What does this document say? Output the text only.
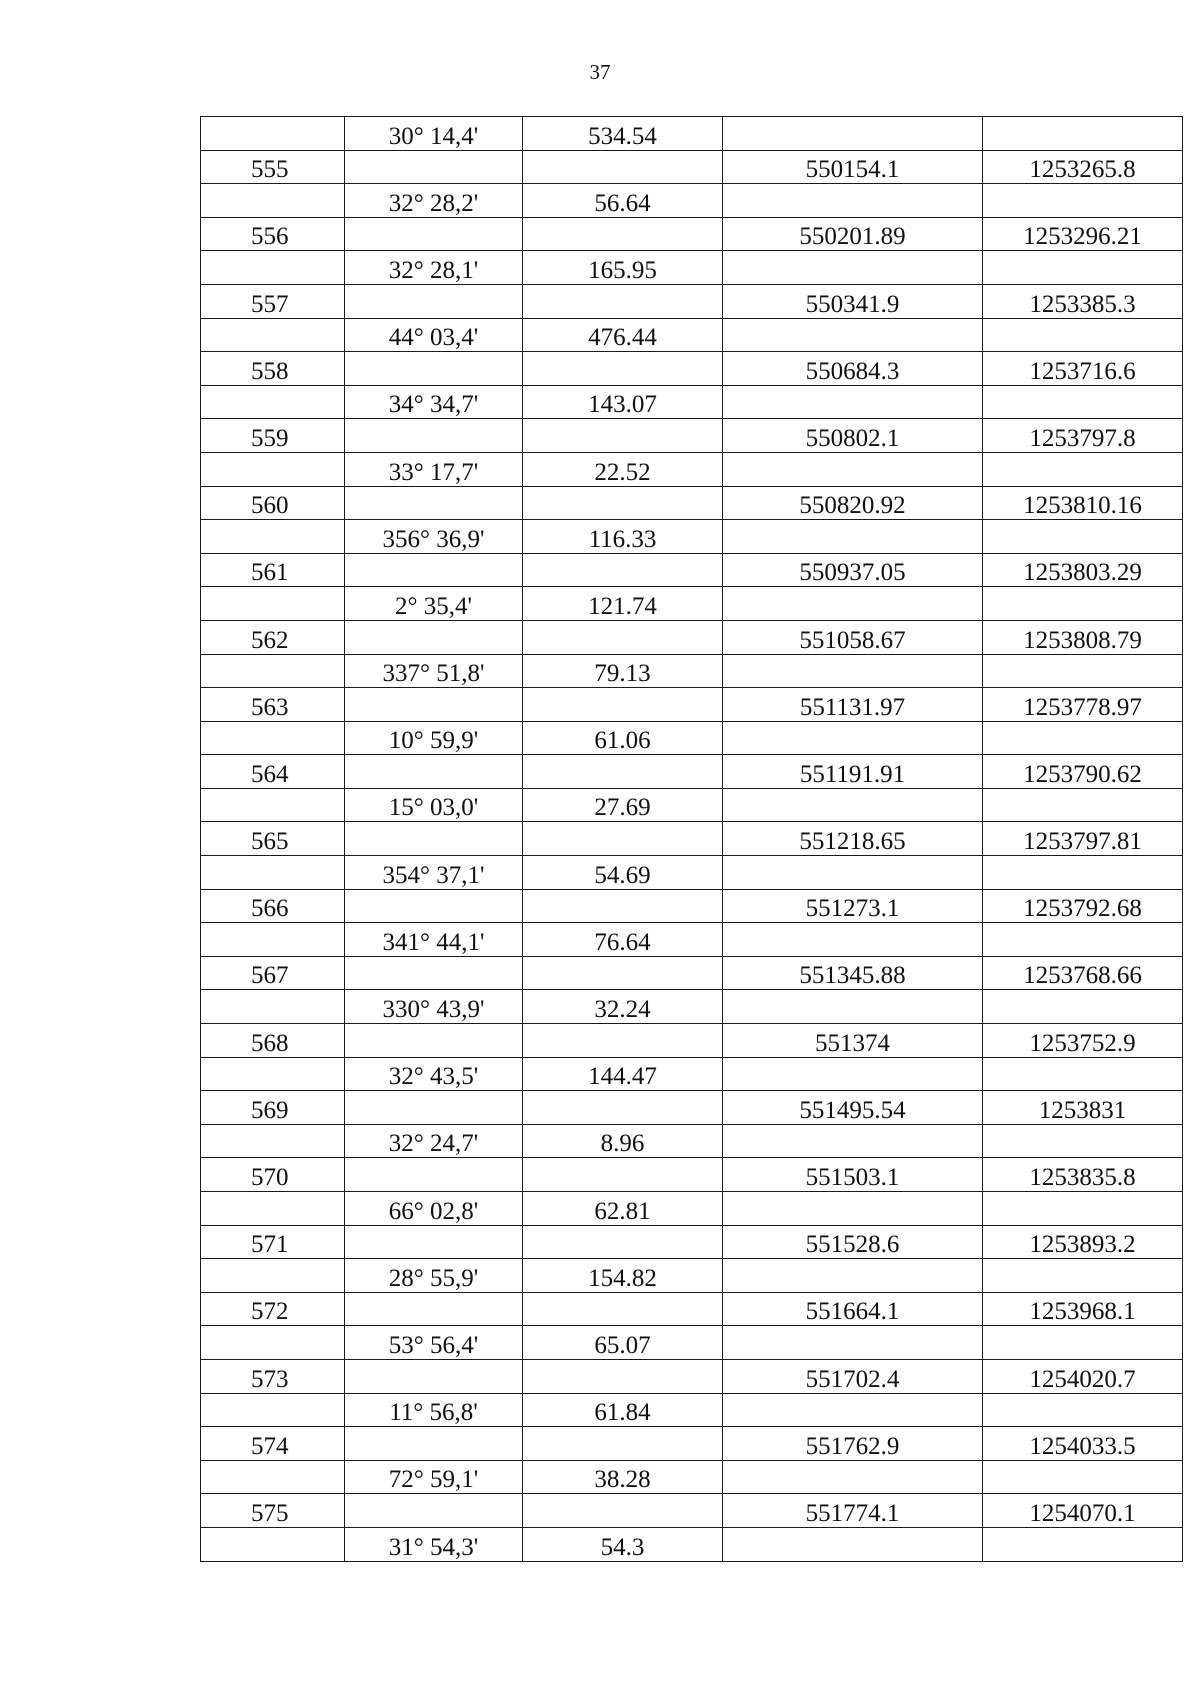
37
	30° 14,4'	534.54		
555			550154.1	1253265.8
	32° 28,2'	56.64		
556			550201.89	1253296.21
	32° 28,1'	165.95		
557			550341.9	1253385.3
	44° 03,4'	476.44		
558			550684.3	1253716.6
	34° 34,7'	143.07		
559			550802.1	1253797.8
	33° 17,7'	22.52		
560			550820.92	1253810.16
	356° 36,9'	116.33		
561			550937.05	1253803.29
	2° 35,4'	121.74		
562			551058.67	1253808.79
	337° 51,8'	79.13		
563			551131.97	1253778.97
	10° 59,9'	61.06		
564			551191.91	1253790.62
	15° 03,0'	27.69		
565			551218.65	1253797.81
	354° 37,1'	54.69		
566			551273.1	1253792.68
	341° 44,1'	76.64		
567			551345.88	1253768.66
	330° 43,9'	32.24		
568			551374	1253752.9
	32° 43,5'	144.47		
569			551495.54	1253831
	32° 24,7'	8.96		
570			551503.1	1253835.8
	66° 02,8'	62.81		
571			551528.6	1253893.2
	28° 55,9'	154.82		
572			551664.1	1253968.1
	53° 56,4'	65.07		
573			551702.4	1254020.7
	11° 56,8'	61.84		
574			551762.9	1254033.5
	72° 59,1'	38.28		
575			551774.1	1254070.1
	31° 54,3'	54.3		
